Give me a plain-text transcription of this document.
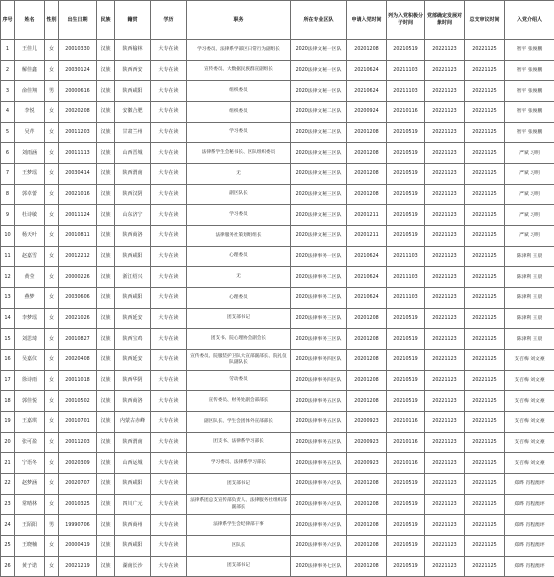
序号	姓名	性别	出生日期	民族	籍贯	学历	职务	所在专业区队	申请入党时间	列为入党积极分子时间	党部确定发展对象时间	总支审议时间	入党介绍人
1	王佳儿	女	20010330	汉族	陕西榆林	大专在读	学习委员、法律系学部区日常行为副组长	2020法律文秘一区队	20201208	20210519	20221123	20221125	智平 张俊鹏
2	解佳鑫	女	20030124	汉族	陕西西安	大专在读	宣传委员、大数据民族群宣副组长	2020法律文秘一区队	20210624	20211103	20221123	20221125	智平 张俊鹏
3	俞佳翔	男	20000616	汉族	陕西咸阳	大专在读	组织委员	2020法律文秘一区队	20210624	20211103	20221123	20221125	智平 张俊鹏
4	李悦	女	20020208	汉族	安徽合肥	大专在读	组织委员	2020法律文秘二区队	20200924	20210116	20221123	20221125	智平 张俊鹏
5	吴芹	女	20011203	汉族	甘肃兰州	大专在读	学习委员	2020法律文秘二区队	20201208	20210519	20221123	20221125	智平 张俊鹏
6	刘雨涵	女	20011113	汉族	山西晋城	大专在读	法律系学生会秘书长、区队组织委员	2020法律文秘三区队	20201208	20210519	20221123	20221125	严斌 习明
7	王梦瑶	女	20030414	汉族	陕西渭南	大专在读	无	2020法律文秘三区队	20201208	20210519	20221123	20221125	严斌 习明
8	郭卓蕾	女	20021016	汉族	陕西汉阴	大专在读	副区队长	2020法律文秘三区队	20201208	20210519	20221123	20221125	严斌 习明
9	杜诗敏	女	20011124	汉族	山东济宁	大专在读	学习委员	2020法律文秘三区队	20201211	20210519	20221123	20221125	严斌 习明
10	杨天叶	女	20010811	汉族	陕西商洛	大专在读	法律服务社策划组组长	2020法律文秘三区队	20201211	20210519	20221123	20221125	严斌 习明
11	赵嘉雪	女	20012212	汉族	陕西咸阳	大专在读	心理委员	2020法律事务一区队	20210624	20211103	20221123	20221125	陈津利 王晨
12	黄莹	女	20000226	汉族	浙江绍兴	大专在读	无	2020法律事务二区队	20210624	20211103	20221123	20221125	陈津利 王晨
13	燕梦	女	20030606	汉族	陕西咸阳	大专在读	心理委员	2020法律事务二区队	20210624	20211103	20221123	20221125	陈津利 王晨
14	李梦瑶	女	20021026	汉族	陕西延安	大专在读	团支部书记	2020法律事务三区队	20201208	20210519	20221123	20221125	陈津利 王晨
15	刘思琦	女	20010827	汉族	陕西宝鸡	大专在读	团支书、院心理协会副会长	2020法律事务三区队	20201208	20210519	20221123	20221125	陈津利 王晨
16	吴嘉仪	女	20020408	汉族	陕西延安	大专在读	宣传委员、院服装护卫队大宣部副部长、院礼仪队副队长	2020法律事务四区队	20201208	20210519	20221123	20221125	支召梅 刘文豪
17	徐诗雨	女	20011018	汉族	陕西华阴	大专在读	劳动委员	2020法律事务四区队	20201208	20210519	20221123	20221125	支召梅 刘文豪
18	郭佳悦	女	20010502	汉族	陕西商洛	大专在读	宣传委员、财务处副会部部长	2020法律事务五区队	20201208	20210519	20221123	20221125	支召梅 刘文豪
19	王嘉琪	女	20010701	汉族	内蒙古赤峰	大专在读	副区队长、学生会团体外宣部部长	2020法律事务五区队	20200923	20210116	20221123	20221125	支召梅 刘文豪
20	张可盈	女	20011203	汉族	陕西渭南	大专在读	团支书、法律系学习部长	2020法律事务五区队	20200923	20210116	20221123	20221125	支召梅 刘文豪
21	宁语冬	女	20020309	汉族	山西运城	大专在读	学习委员、法律系学习部长	2020法律事务五区队	20200923	20210116	20221123	20221125	支召梅 刘文豪
22	赵梦涵	女	20020707	汉族	陕西咸阳	大专在读	团支部书记	2020法律事务六区队	20201208	20210519	20221123	20221125	郑晔 肖程澳坪
23	常晴林	女	20010325	汉族	四川广元	大专在读	法律系团总支宣传部负责人、法律服务社组织部副部长	2020法律事务六区队	20201208	20210519	20221123	20221125	郑晔 肖程澳坪
24	王陌阳	男	19990706	汉族	陕西商州	大专在读	法律系学生会纪律部干事	2020法律事务六区队	20201208	20210519	20221123	20221125	郑晔 肖程澳坪
25	王晓楠	女	20000419	汉族	陕西咸阳	大专在读	区队长	2020法律事务六区队	20201208	20210519	20221123	20221125	郑晔 肖程澳坪
26	黄子诺	女	20021219	汉族	湖南长沙	大专在读	团支部书记	2020法律事务七区队	20201208	20210519	20221123	20221125	郑晔 肖程澳坪
